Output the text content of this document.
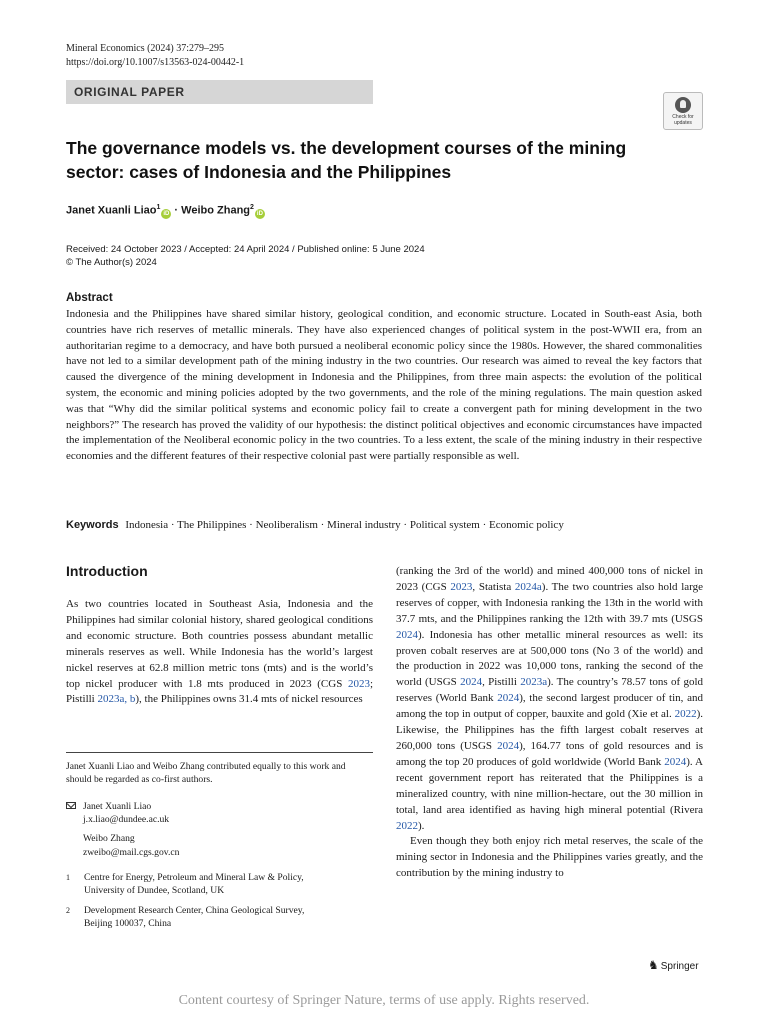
Mineral Economics (2024) 37:279–295
https://doi.org/10.1007/s13563-024-00442-1
ORIGINAL PAPER
Check for
updates
The governance models vs. the development courses of the mining sector: cases of Indonesia and the Philippines
Janet Xuanli Liao$^1$iD · Weibo Zhang$^2$iD
Received: 24 October 2023 / Accepted: 24 April 2024 / Published online: 5 June 2024
© The Author(s) 2024
Abstract
Indonesia and the Philippines have shared similar history, geological condition, and economic structure. Located in South-east Asia, both countries have rich reserves of metallic minerals. They have also experienced changes of political system in the post-WWII era, from an authoritarian regime to a democracy, and have both pursued a neoliberal economic policy since the 1980s. However, the shared commonalities have not led to a similar development path of the mining industry in the two countries. Our research was aimed to reveal the key factors that caused the divergence of the mining development in Indonesia and the Philippines, from three main aspects: the evolution of the political system, the economic and mining policies adopted by the two governments, and the role of the mining regulations. The main question asked was that “Why did the similar political systems and economic policy fail to create a convergent path for mining development in the two neighbors?” The research has proved the validity of our hypothesis: the distinct political objectives and economic circumstances have impacted the implementation of the Neoliberal economic policy in the two countries. To a less extent, the scale of the mining industry in their respective economies and the different features of their respective colonial past were partially responsible as well.
Keywords Indonesia · The Philippines · Neoliberalism · Mineral industry · Political system · Economic policy
Introduction

As two countries located in Southeast Asia, Indonesia and the Philippines had similar colonial history, shared geological conditions and economic structure. Both countries possess abundant metallic minerals reserves as well. While Indonesia has the world’s largest nickel reserves at 62.8 million metric tons (mts) and is the world’s top nickel producer with 1.8 mts produced in 2023 (CGS 2023; Pistilli 2023a, b), the Philippines owns 31.4 mts of nickel resources

(ranking the 3rd of the world) and mined 400,000 tons of nickel in 2023 (CGS 2023, Statista 2024a). The two countries also hold large reserves of copper, with Indonesia ranking the 13th in the world with 37.7 mts, and the Philippines ranking the 12th with 39.7 mts (USGS 2024). Indonesia has other metallic mineral resources as well: its proven cobalt reserves are at 500,000 tons (No 3 of the world) and the production in 2022 was 10,000 tons, ranking the second of the world (USGS 2024, Pistilli 2023a). The country’s 78.57 tons of gold reserves (World Bank 2024), the second largest producer of tin, and among the top in output of copper, bauxite and gold (Xie et al. 2022). Likewise, the Philippines has the fifth largest cobalt reserves at 260,000 tons (USGS 2024), 164.77 tons of gold resources and is among the top 20 produces of gold worldwide (World Bank 2024). A recent government report has reiterated that the Philippines is a mineralized country, with nine million-hectare, out the 30 million in total, land area identified as having high mineral potential (Rivera 2022).

Even though they both enjoy rich metal reserves, the scale of the mining sector in Indonesia and the Philippines varies greatly, and the contribution by the mining industry to

Janet Xuanli Liao and Weibo Zhang contributed equally to this work and should be regarded as co-first authors.
Janet Xuanli Liao
j.x.liao@dundee.ac.uk
Weibo Zhang
zweibo@mail.cgs.gov.cn
1 Centre for Energy, Petroleum and Mineral Law & Policy,
University of Dundee, Scotland, UK
2 Development Research Center, China Geological Survey,
Beijing 100037, China
♞ Springer
Content courtesy of Springer Nature, terms of use apply. Rights reserved.
